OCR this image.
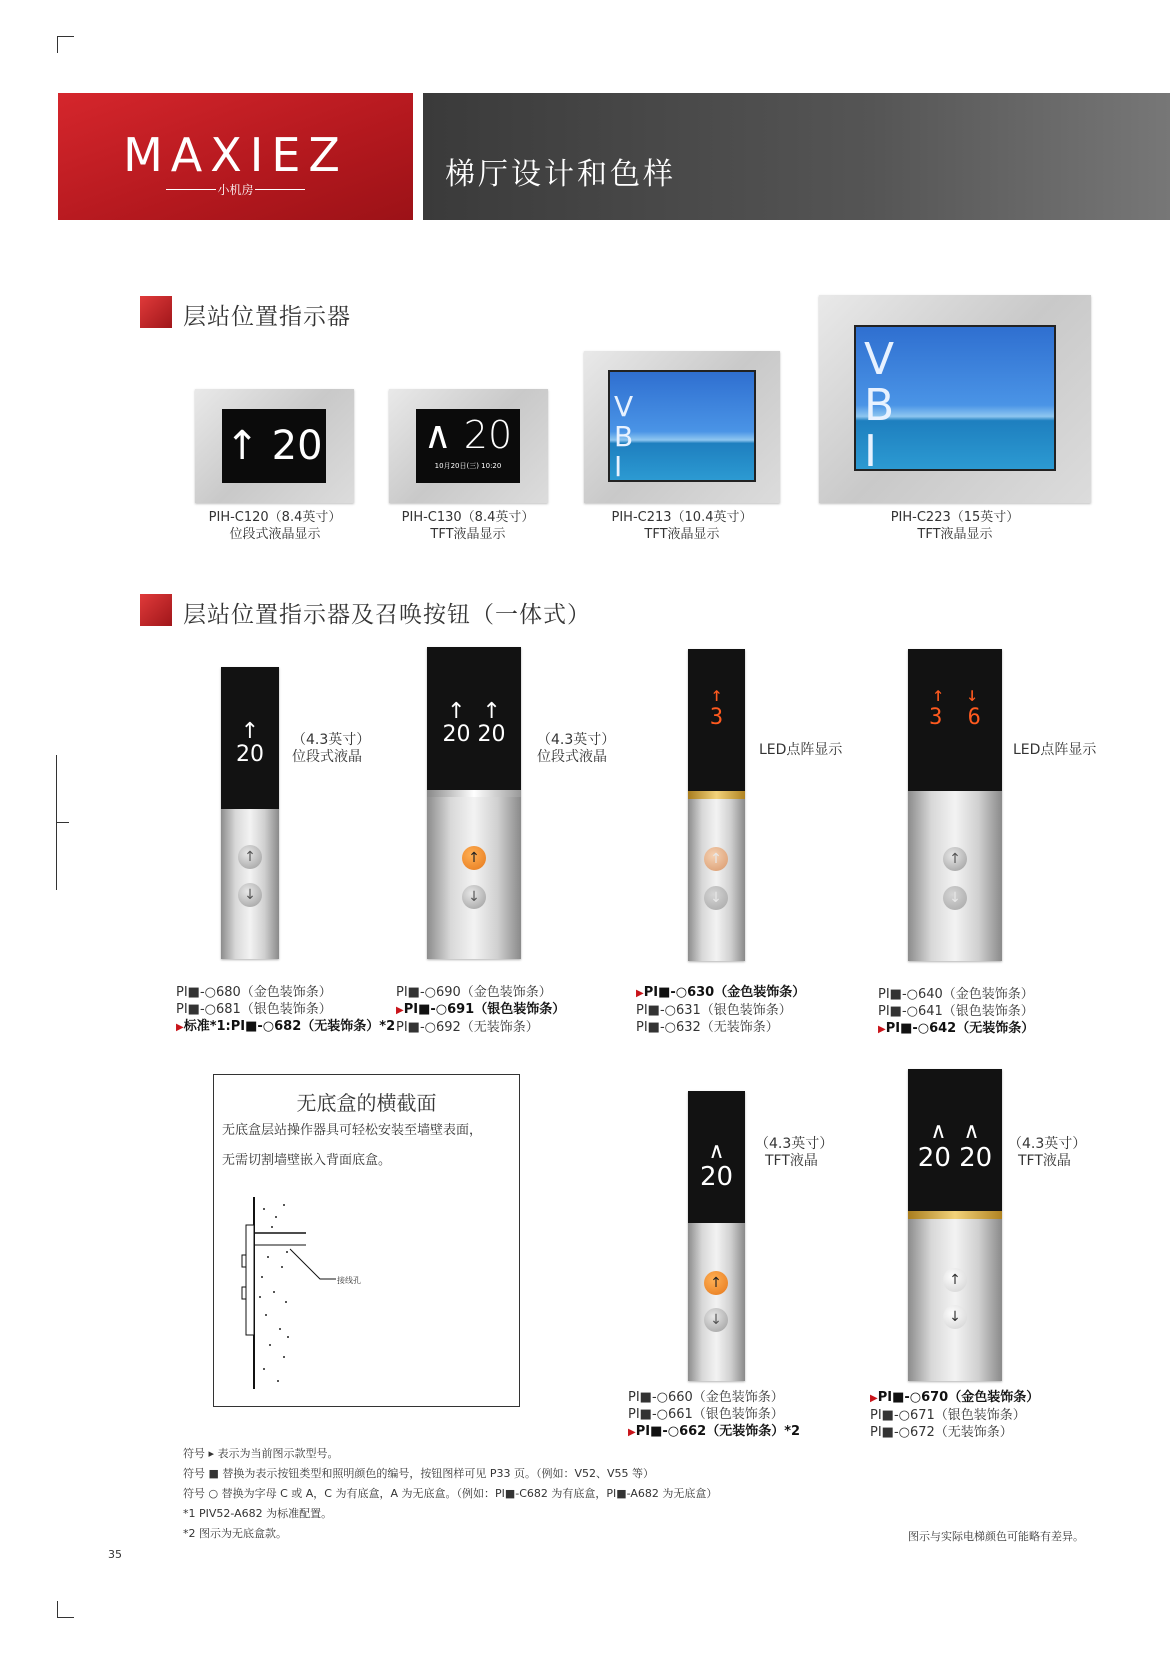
MAXIEZ
小机房	梯厅设计和色样
层站位置指示器
↑ 20
PIH-C120（8.4英寸）
位段式液晶显示
∧ 20
10月20日(三) 10:20
PIH-C130（8.4英寸）
TFT液晶显示
V B I
PIH-C213（10.4英寸）
TFT液晶显示
V B I
PIH-C223（15英寸）
TFT液晶显示
层站位置指示器及召唤按钮（一体式）
↑
20
↑
↓
（4.3英寸）
位段式液晶
PI■-○680（金色装饰条）
PI■-○681（银色装饰条）
▶标准*1:PI■-○682（无装饰条）*2
↑ ↑
20 20
↑
↓
（4.3英寸）
位段式液晶
PI■-○690（金色装饰条）
▶PI■-○691（银色装饰条）
PI■-○692（无装饰条）
↑
3
↑
↓
LED点阵显示
▶PI■-○630（金色装饰条）
PI■-○631（银色装饰条）
PI■-○632（无装饰条）
↑ ↓
3 6
↑
↓
LED点阵显示
PI■-○640（金色装饰条）
PI■-○641（银色装饰条）
▶PI■-○642（无装饰条）
无底盒的横截面
无底盒层站操作器具可轻松安装至墙壁表面，
无需切割墙壁嵌入背面底盒。
接线孔
∧
20
↑
↓
（4.3英寸）
TFT液晶
PI■-○660（金色装饰条）
PI■-○661（银色装饰条）
▶PI■-○662（无装饰条）*2
∧ ∧
20 20
↑
↓
（4.3英寸）
TFT液晶
▶PI■-○670（金色装饰条）
PI■-○671（银色装饰条）
PI■-○672（无装饰条）
符号 ▸ 表示为当前图示款型号。
符号 ■ 替换为表示按钮类型和照明颜色的编号，按钮图样可见 P33 页。（例如：V52、V55 等）
符号 ○ 替换为字母 C 或 A，C 为有底盒，A 为无底盒。（例如：PI■-C682 为有底盒，PI■-A682 为无底盒）
*1 PIV52-A682 为标准配置。
*2 图示为无底盒款。	图示与实际电梯颜色可能略有差异。
35
